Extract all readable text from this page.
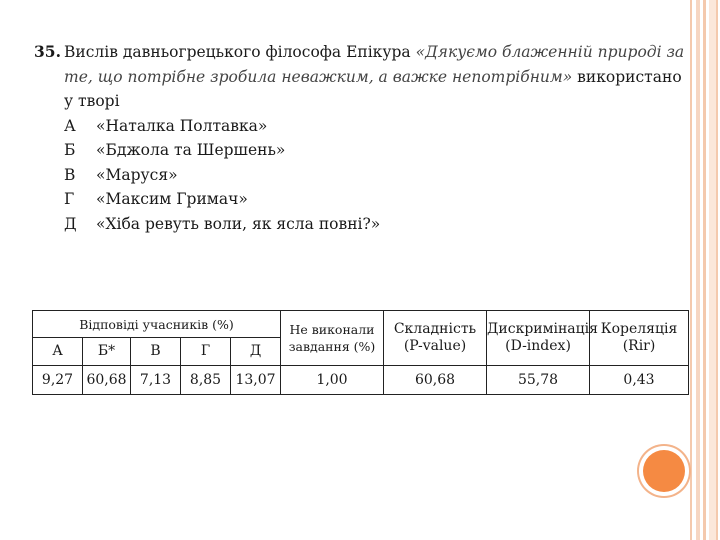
35. Вислів давньогрецького філософа Епікура «Дякуємо блаженній природі за
те, що потрібне зробила неважким, а важке непотрібним» використано
у творі
А «Наталка Полтавка»
Б «Бджола та Шершень»
В «Маруся»
Г «Максим Гримач»
Д «Хіба ревуть воли, як ясла повні?»
Відповіді учасників (%)					Не виконали завдання (%)	Складність (P-value)	Дискримінація (D-index)	Кореляція (Rir)
А	Б*	В	Г	Д				
9,27	60,68	7,13	8,85	13,07	1,00	60,68	55,78	0,43
